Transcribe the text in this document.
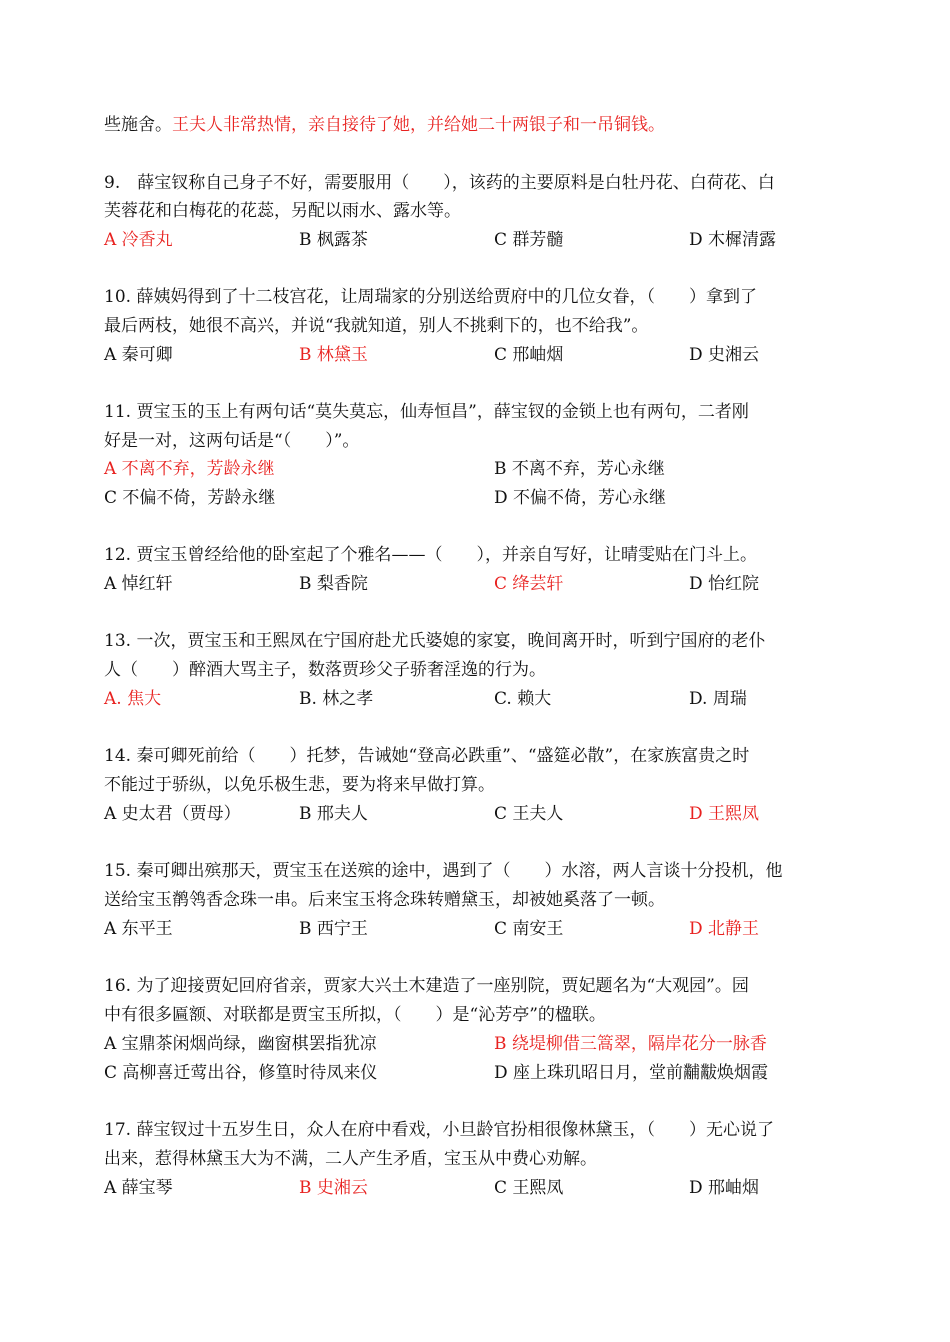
些施舍。王夫人非常热情，亲自接待了她，并给她二十两银子和一吊铜钱。
9.　薛宝钗称自己身子不好，需要服用（　　），该药的主要原料是白牡丹花、白荷花、白
芙蓉花和白梅花的花蕊，另配以雨水、露水等。
A 冷香丸	B 枫露茶	C 群芳髓	D 木樨清露
10. 薛姨妈得到了十二枝宫花，让周瑞家的分别送给贾府中的几位女眷，（　　）拿到了
最后两枝，她很不高兴，并说“我就知道，别人不挑剩下的，也不给我”。
A 秦可卿	B 林黛玉	C 邢岫烟	D 史湘云
11. 贾宝玉的玉上有两句话“莫失莫忘，仙寿恒昌”，薛宝钗的金锁上也有两句，二者刚
好是一对，这两句话是“（　　）”。
A 不离不弃，芳龄永继	B 不离不弃，芳心永继
C 不偏不倚，芳龄永继	D 不偏不倚，芳心永继
12. 贾宝玉曾经给他的卧室起了个雅名——（　　），并亲自写好，让晴雯贴在门斗上。
A 悼红轩	B 梨香院	C 绛芸轩	D 怡红院
13. 一次，贾宝玉和王熙凤在宁国府赴尤氏婆媳的家宴，晚间离开时，听到宁国府的老仆
人（　　）醉酒大骂主子，数落贾珍父子骄奢淫逸的行为。
A. 焦大	B. 林之孝	C. 赖大	D. 周瑞
14. 秦可卿死前给（　　）托梦，告诫她“登高必跌重”、“盛筵必散”，在家族富贵之时
不能过于骄纵，以免乐极生悲，要为将来早做打算。
A 史太君（贾母）	B 邢夫人	C 王夫人	D 王熙凤
15. 秦可卿出殡那天，贾宝玉在送殡的途中，遇到了（　　）水溶，两人言谈十分投机，他
送给宝玉鹡鸰香念珠一串。后来宝玉将念珠转赠黛玉，却被她奚落了一顿。
A 东平王	B 西宁王	C 南安王	D 北静王
16. 为了迎接贾妃回府省亲，贾家大兴土木建造了一座别院，贾妃题名为“大观园”。园
中有很多匾额、对联都是贾宝玉所拟，（　　）是“沁芳亭”的楹联。
A 宝鼎茶闲烟尚绿，幽窗棋罢指犹凉	B 绕堤柳借三篙翠，隔岸花分一脉香
C 高柳喜迁莺出谷，修篁时待凤来仪	D 座上珠玑昭日月，堂前黼黻焕烟霞
17. 薛宝钗过十五岁生日，众人在府中看戏，小旦龄官扮相很像林黛玉，（　　）无心说了
出来，惹得林黛玉大为不满，二人产生矛盾，宝玉从中费心劝解。
A 薛宝琴	B 史湘云	C 王熙凤	D 邢岫烟
